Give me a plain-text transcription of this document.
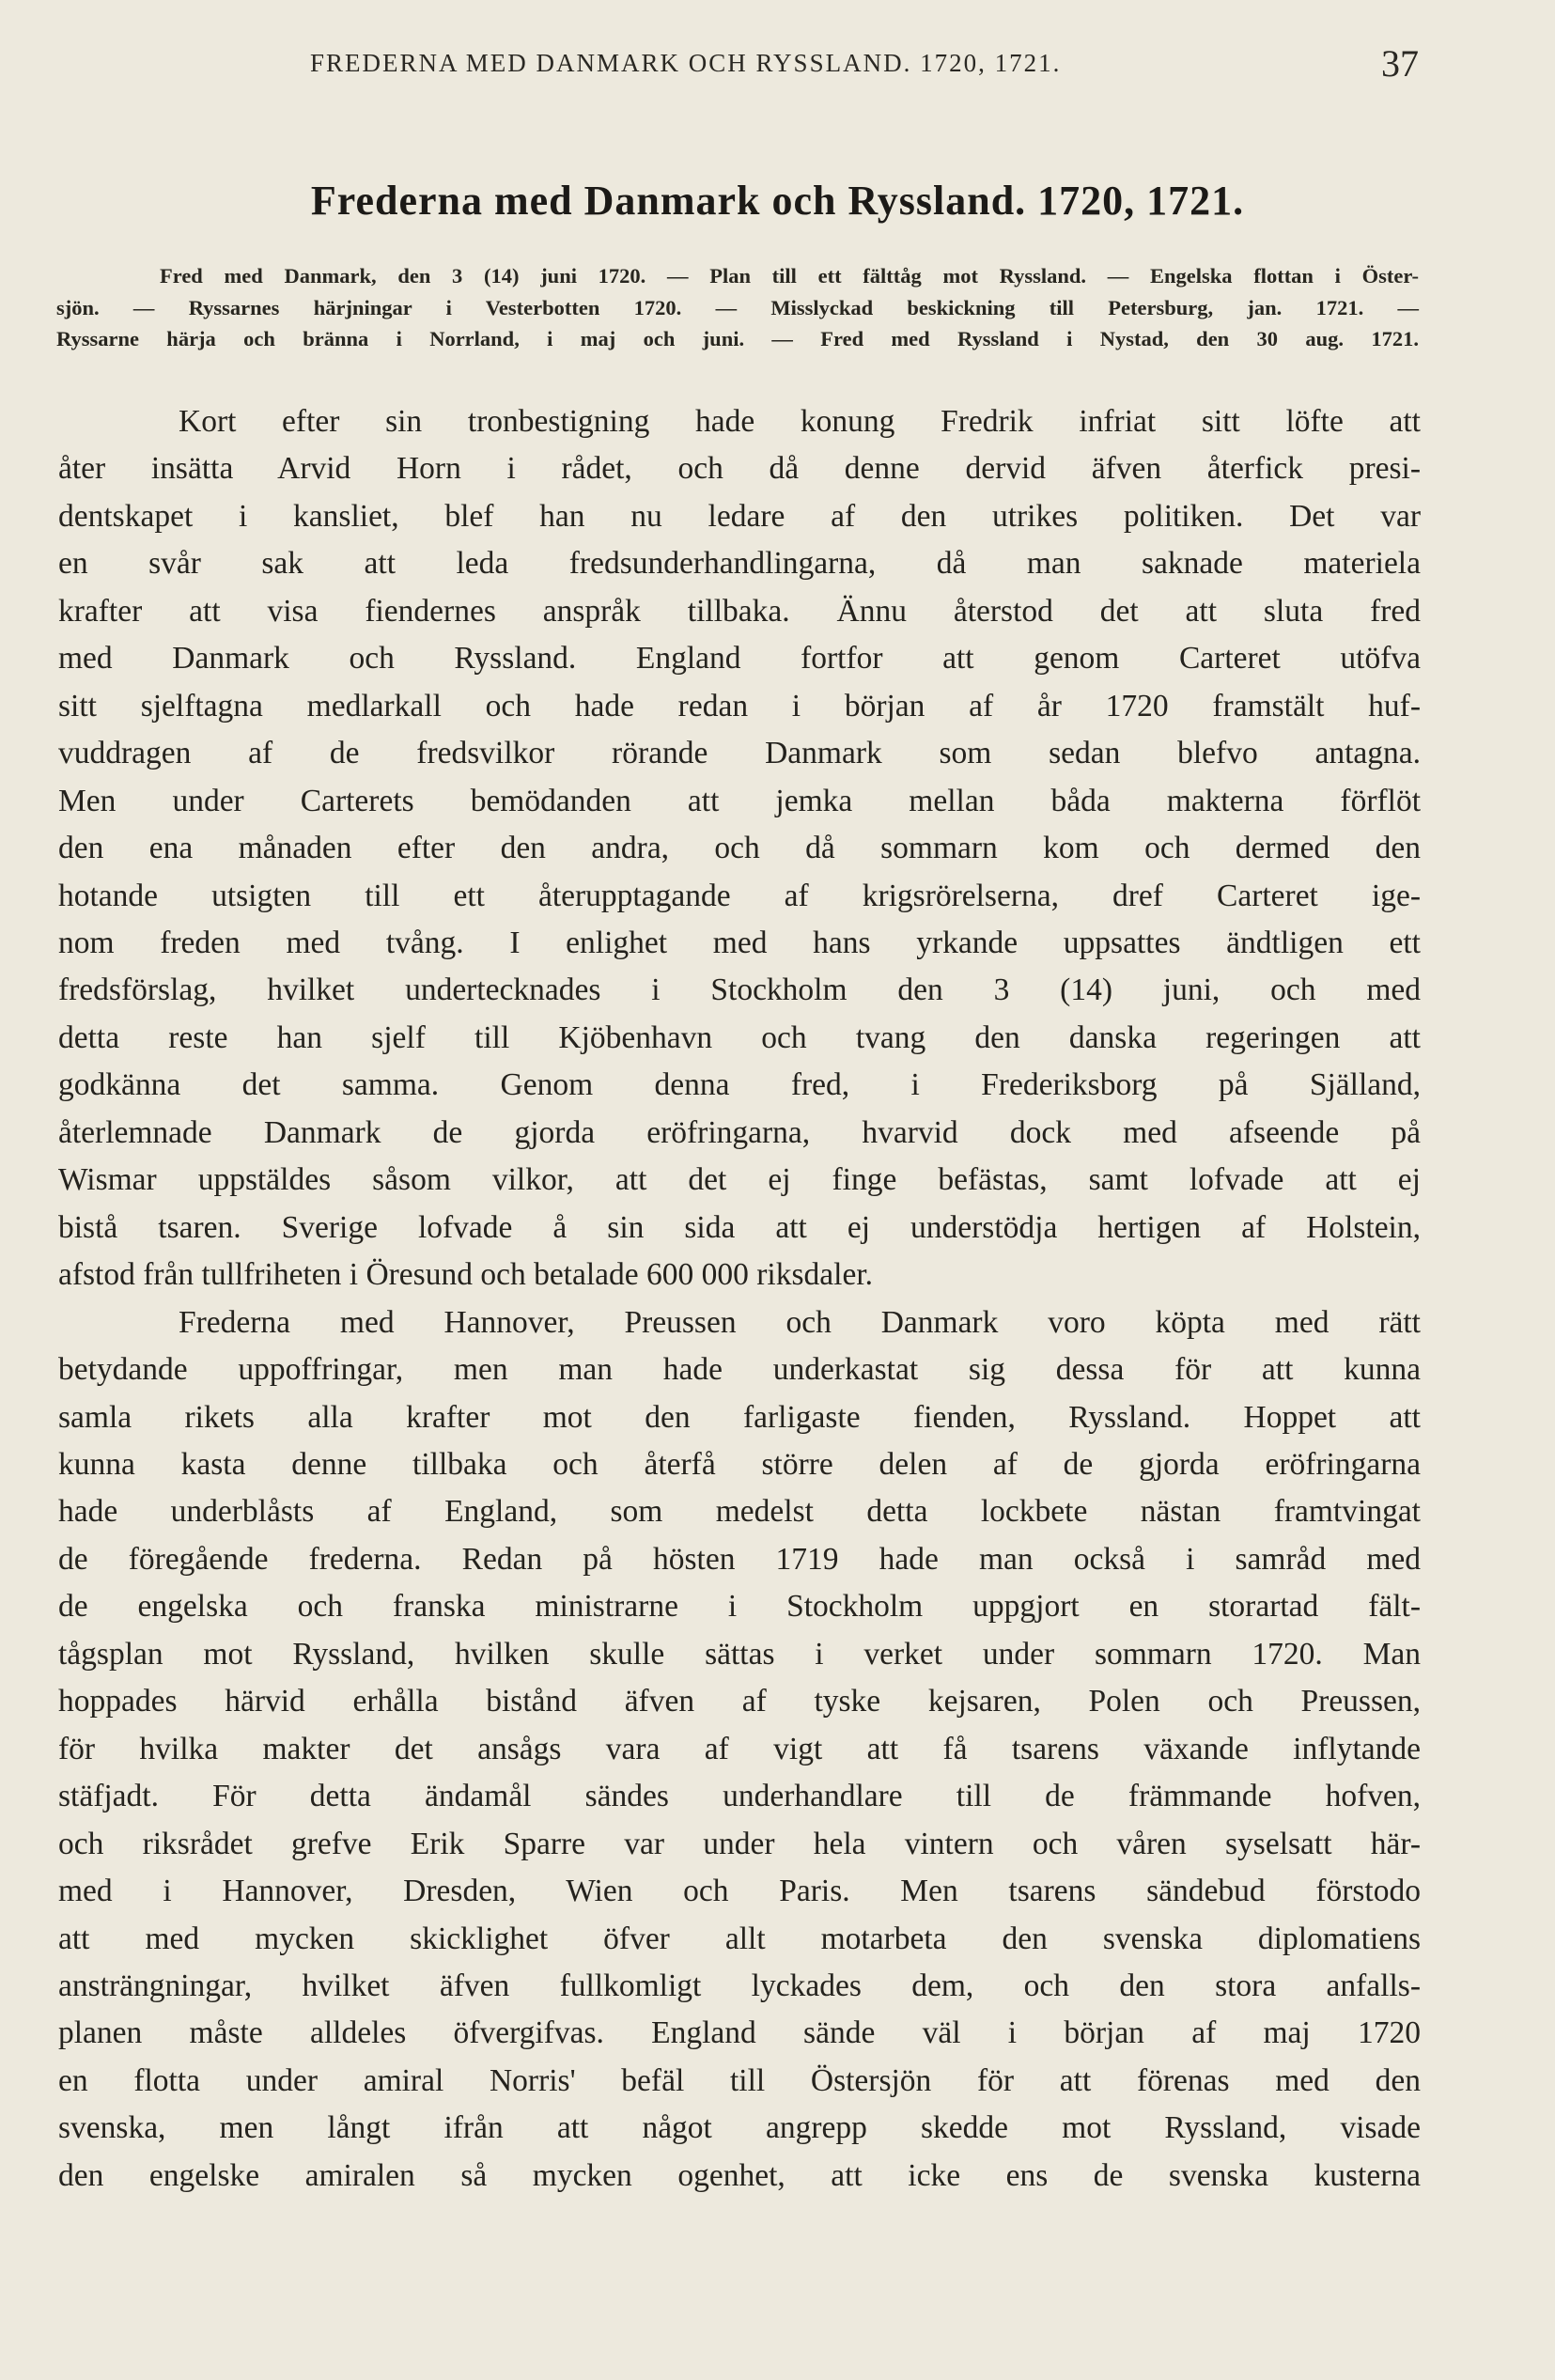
FREDERNA MED DANMARK OCH RYSSLAND. 1720, 1721.	37
Frederna med Danmark och Ryssland. 1720, 1721.
Fred med Danmark, den 3 (14) juni 1720. — Plan till ett fälttåg mot Ryssland. — Engelska flottan i Öster-
sjön. — Ryssarnes härjningar i Vesterbotten 1720. — Misslyckad beskickning till Petersburg, jan. 1721. —
Ryssarne härja och bränna i Norrland, i maj och juni. — Fred med Ryssland i Nystad, den 30 aug. 1721.
Kort efter sin tronbestigning hade konung Fredrik infriat sitt löfte att
åter insätta Arvid Horn i rådet, och då denne dervid äfven återfick presi-
dentskapet i kansliet, blef han nu ledare af den utrikes politiken. Det var
en svår sak att leda fredsunderhandlingarna, då man saknade materiela
krafter att visa fiendernes anspråk tillbaka. Ännu återstod det att sluta fred
med Danmark och Ryssland. England fortfor att genom Carteret utöfva
sitt sjelftagna medlarkall och hade redan i början af år 1720 framstält huf-
vuddragen af de fredsvilkor rörande Danmark som sedan blefvo antagna.
Men under Carterets bemödanden att jemka mellan båda makterna förflöt
den ena månaden efter den andra, och då sommarn kom och dermed den
hotande utsigten till ett återupptagande af krigsrörelserna, dref Carteret ige-
nom freden med tvång. I enlighet med hans yrkande uppsattes ändtligen ett
fredsförslag, hvilket undertecknades i Stockholm den 3 (14) juni, och med
detta reste han sjelf till Kjöbenhavn och tvang den danska regeringen att
godkänna det samma. Genom denna fred, i Frederiksborg på Själland,
återlemnade Danmark de gjorda eröfringarna, hvarvid dock med afseende på
Wismar uppstäldes såsom vilkor, att det ej finge befästas, samt lofvade att ej
bistå tsaren. Sverige lofvade å sin sida att ej understödja hertigen af Holstein,
afstod från tullfriheten i Öresund och betalade 600 000 riksdaler.
Frederna med Hannover, Preussen och Danmark voro köpta med rätt
betydande uppoffringar, men man hade underkastat sig dessa för att kunna
samla rikets alla krafter mot den farligaste fienden, Ryssland. Hoppet att
kunna kasta denne tillbaka och återfå större delen af de gjorda eröfringarna
hade underblåsts af England, som medelst detta lockbete nästan framtvingat
de föregående frederna. Redan på hösten 1719 hade man också i samråd med
de engelska och franska ministrarne i Stockholm uppgjort en storartad fält-
tågsplan mot Ryssland, hvilken skulle sättas i verket under sommarn 1720. Man
hoppades härvid erhålla bistånd äfven af tyske kejsaren, Polen och Preussen,
för hvilka makter det ansågs vara af vigt att få tsarens växande inflytande
stäfjadt. För detta ändamål sändes underhandlare till de främmande hofven,
och riksrådet grefve Erik Sparre var under hela vintern och våren syselsatt här-
med i Hannover, Dresden, Wien och Paris. Men tsarens sändebud förstodo
att med mycken skicklighet öfver allt motarbeta den svenska diplomatiens
ansträngningar, hvilket äfven fullkomligt lyckades dem, och den stora anfalls-
planen måste alldeles öfvergifvas. England sände väl i början af maj 1720
en flotta under amiral Norris' befäl till Östersjön för att förenas med den
svenska, men långt ifrån att något angrepp skedde mot Ryssland, visade
den engelske amiralen så mycken ogenhet, att icke ens de svenska kusterna
